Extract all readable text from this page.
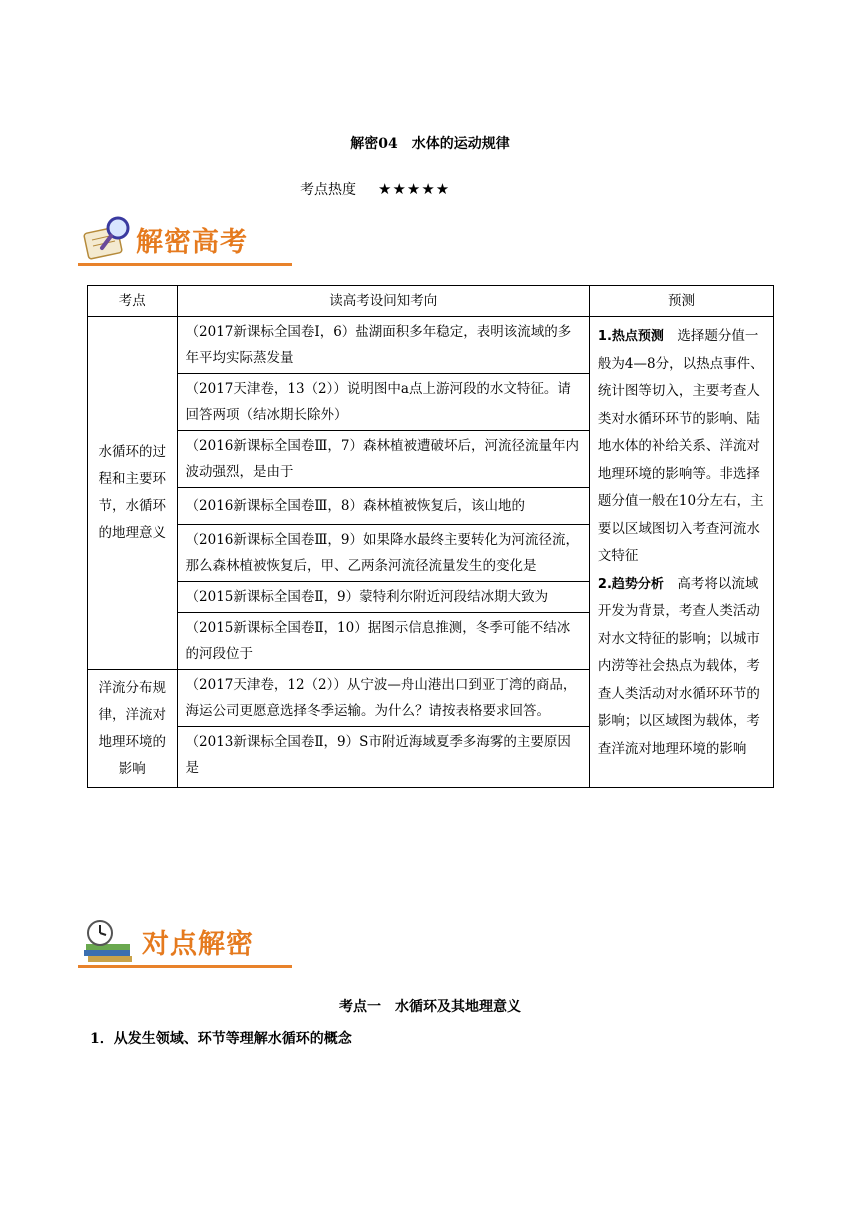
解密04　水体的运动规律
考点热度 ★★★★★
解密高考
考点	读高考设问知考向	预测
水循环的过程和主要环节，水循环的地理意义	（2017新课标全国卷Ⅰ，6）盐湖面积多年稳定，表明该流域的多年平均实际蒸发量	1.热点预测　选择题分值一般为4—8分，以热点事件、统计图等切入，主要考查人类对水循环环节的影响、陆地水体的补给关系、洋流对地理环境的影响等。非选择题分值一般在10分左右，主要以区域图切入考查河流水文特征
2.趋势分析　高考将以流域开发为背景，考查人类活动对水文特征的影响；以城市内涝等社会热点为载体，考查人类活动对水循环环节的影响；以区域图为载体，考查洋流对地理环境的影响
	（2017天津卷，13（2））说明图中a点上游河段的水文特征。请回答两项（结冰期长除外）	
	（2016新课标全国卷Ⅲ，7）森林植被遭破坏后，河流径流量年内波动强烈，是由于	
	（2016新课标全国卷Ⅲ，8）森林植被恢复后，该山地的	
	（2016新课标全国卷Ⅲ，9）如果降水最终主要转化为河流径流，那么森林植被恢复后，甲、乙两条河流径流量发生的变化是	
	（2015新课标全国卷Ⅱ，9）蒙特利尔附近河段结冰期大致为	
	（2015新课标全国卷Ⅱ，10）据图示信息推测，冬季可能不结冰的河段位于	
洋流分布规律，洋流对地理环境的影响	（2017天津卷，12（2））从宁波—舟山港出口到亚丁湾的商品，海运公司更愿意选择冬季运输。为什么？请按表格要求回答。	
	（2013新课标全国卷Ⅱ，9）S市附近海域夏季多海雾的主要原因是	
对点解密
考点一　水循环及其地理意义
1．从发生领域、环节等理解水循环的概念
